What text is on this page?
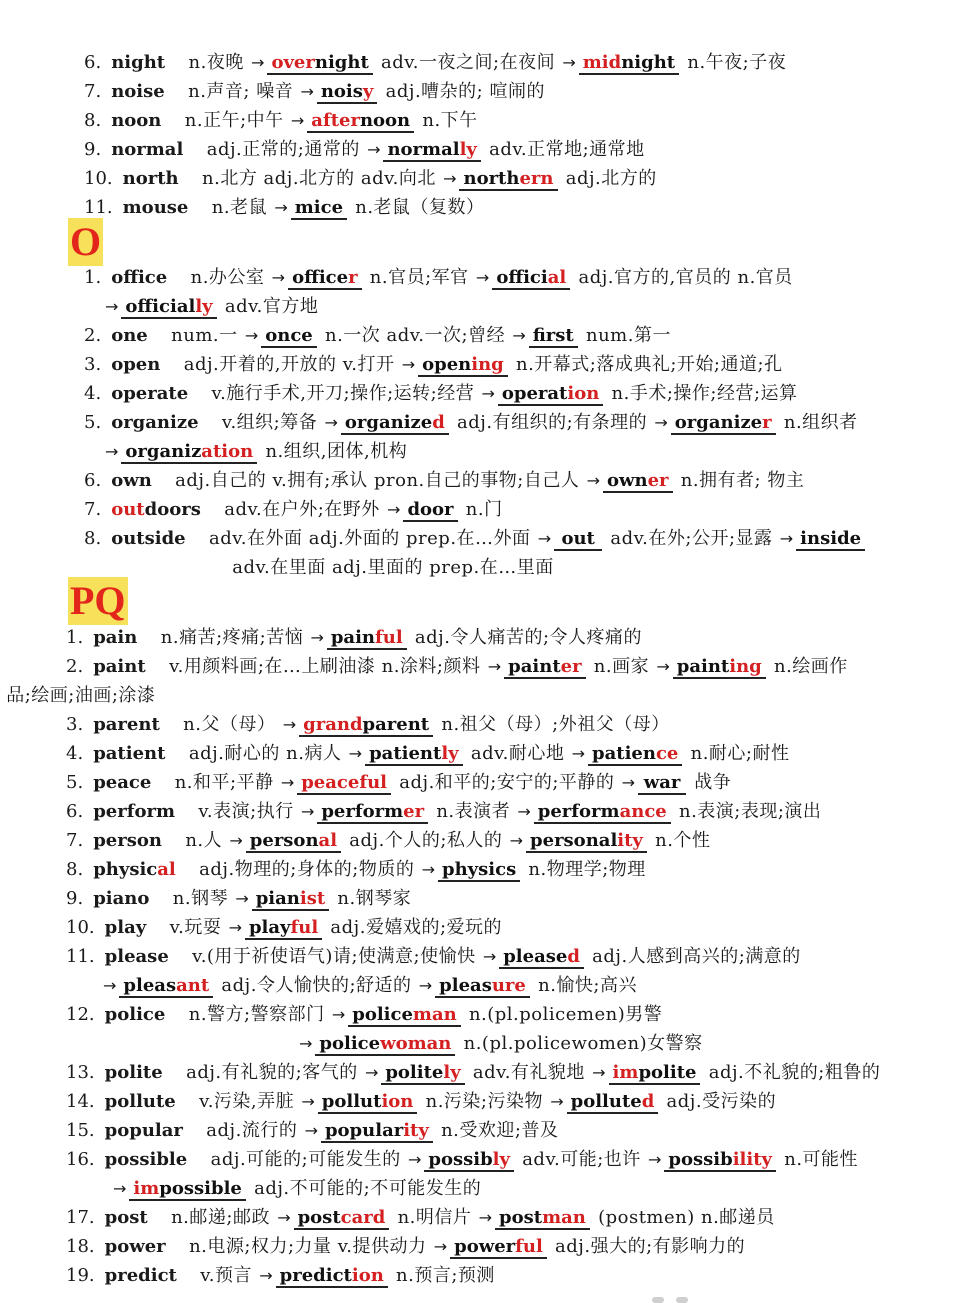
O
PQ
6. night    n.夜晚 → overnight adv.一夜之间;在夜间 → midnight n.午夜;子夜
7. noise    n.声音; 噪音 → noisy adj.嘈杂的; 喧闹的
8. noon    n.正午;中午 → afternoon n.下午
9. normal    adj.正常的;通常的 → normally adv.正常地;通常地
10. north    n.北方 adj.北方的 adv.向北 → northern adj.北方的
11. mouse    n.老鼠 → mice n.老鼠（复数）
1. office    n.办公室 → officer n.官员;军官 → official adj.官方的,官员的 n.官员
→ officially adv.官方地
2. one    num.一 → once n.一次 adv.一次;曾经 → first num.第一
3. open    adj.开着的,开放的 v.打开 → opening n.开幕式;落成典礼;开始;通道;孔
4. operate    v.施行手术,开刀;操作;运转;经营 → operation n.手术;操作;经营;运算
5. organize    v.组织;筹备 → organized adj.有组织的;有条理的 → organizer n.组织者
→ organization n.组织,团体,机构
6. own    adj.自己的 v.拥有;承认 pron.自己的事物;自己人 → owner n.拥有者; 物主
7. outdoors    adv.在户外;在野外 → door n.门
8. outside    adv.在外面 adj.外面的 prep.在…外面 → out adv.在外;公开;显露 → inside
adv.在里面 adj.里面的 prep.在…里面
1. pain    n.痛苦;疼痛;苦恼 → painful adj.令人痛苦的;令人疼痛的
2. paint    v.用颜料画;在…上刷油漆 n.涂料;颜料 → painter n.画家 → painting n.绘画作
品;绘画;油画;涂漆
3. parent    n.父（母） → grandparent n.祖父（母）;外祖父（母）
4. patient    adj.耐心的 n.病人 → patiently adv.耐心地 → patience n.耐心;耐性
5. peace    n.和平;平静 → peaceful adj.和平的;安宁的;平静的 → war 战争
6. perform    v.表演;执行 → performer n.表演者 → performance n.表演;表现;演出
7. person    n.人 → personal adj.个人的;私人的 → personality n.个性
8. physical    adj.物理的;身体的;物质的 → physics n.物理学;物理
9. piano    n.钢琴 → pianist n.钢琴家
10. play    v.玩耍 → playful adj.爱嬉戏的;爱玩的
11. please    v.(用于祈使语气)请;使满意;使愉快 → pleased adj.人感到高兴的;满意的
→ pleasant adj.令人愉快的;舒适的 → pleasure n.愉快;高兴
12. police    n.警方;警察部门 → policeman n.(pl.policemen)男警
→ policewoman n.(pl.policewomen)女警察
13. polite    adj.有礼貌的;客气的 → politely adv.有礼貌地 → impolite adj.不礼貌的;粗鲁的
14. pollute    v.污染,弄脏 → pollution n.污染;污染物 → polluted adj.受污染的
15. popular    adj.流行的 → popularity n.受欢迎;普及
16. possible    adj.可能的;可能发生的 → possibly adv.可能;也许 → possibility n.可能性
→ impossible adj.不可能的;不可能发生的
17. post    n.邮递;邮政 → postcard n.明信片 → postman (postmen) n.邮递员
18. power    n.电源;权力;力量 v.提供动力 → powerful adj.强大的;有影响力的
19. predict    v.预言 → prediction n.预言;预测
